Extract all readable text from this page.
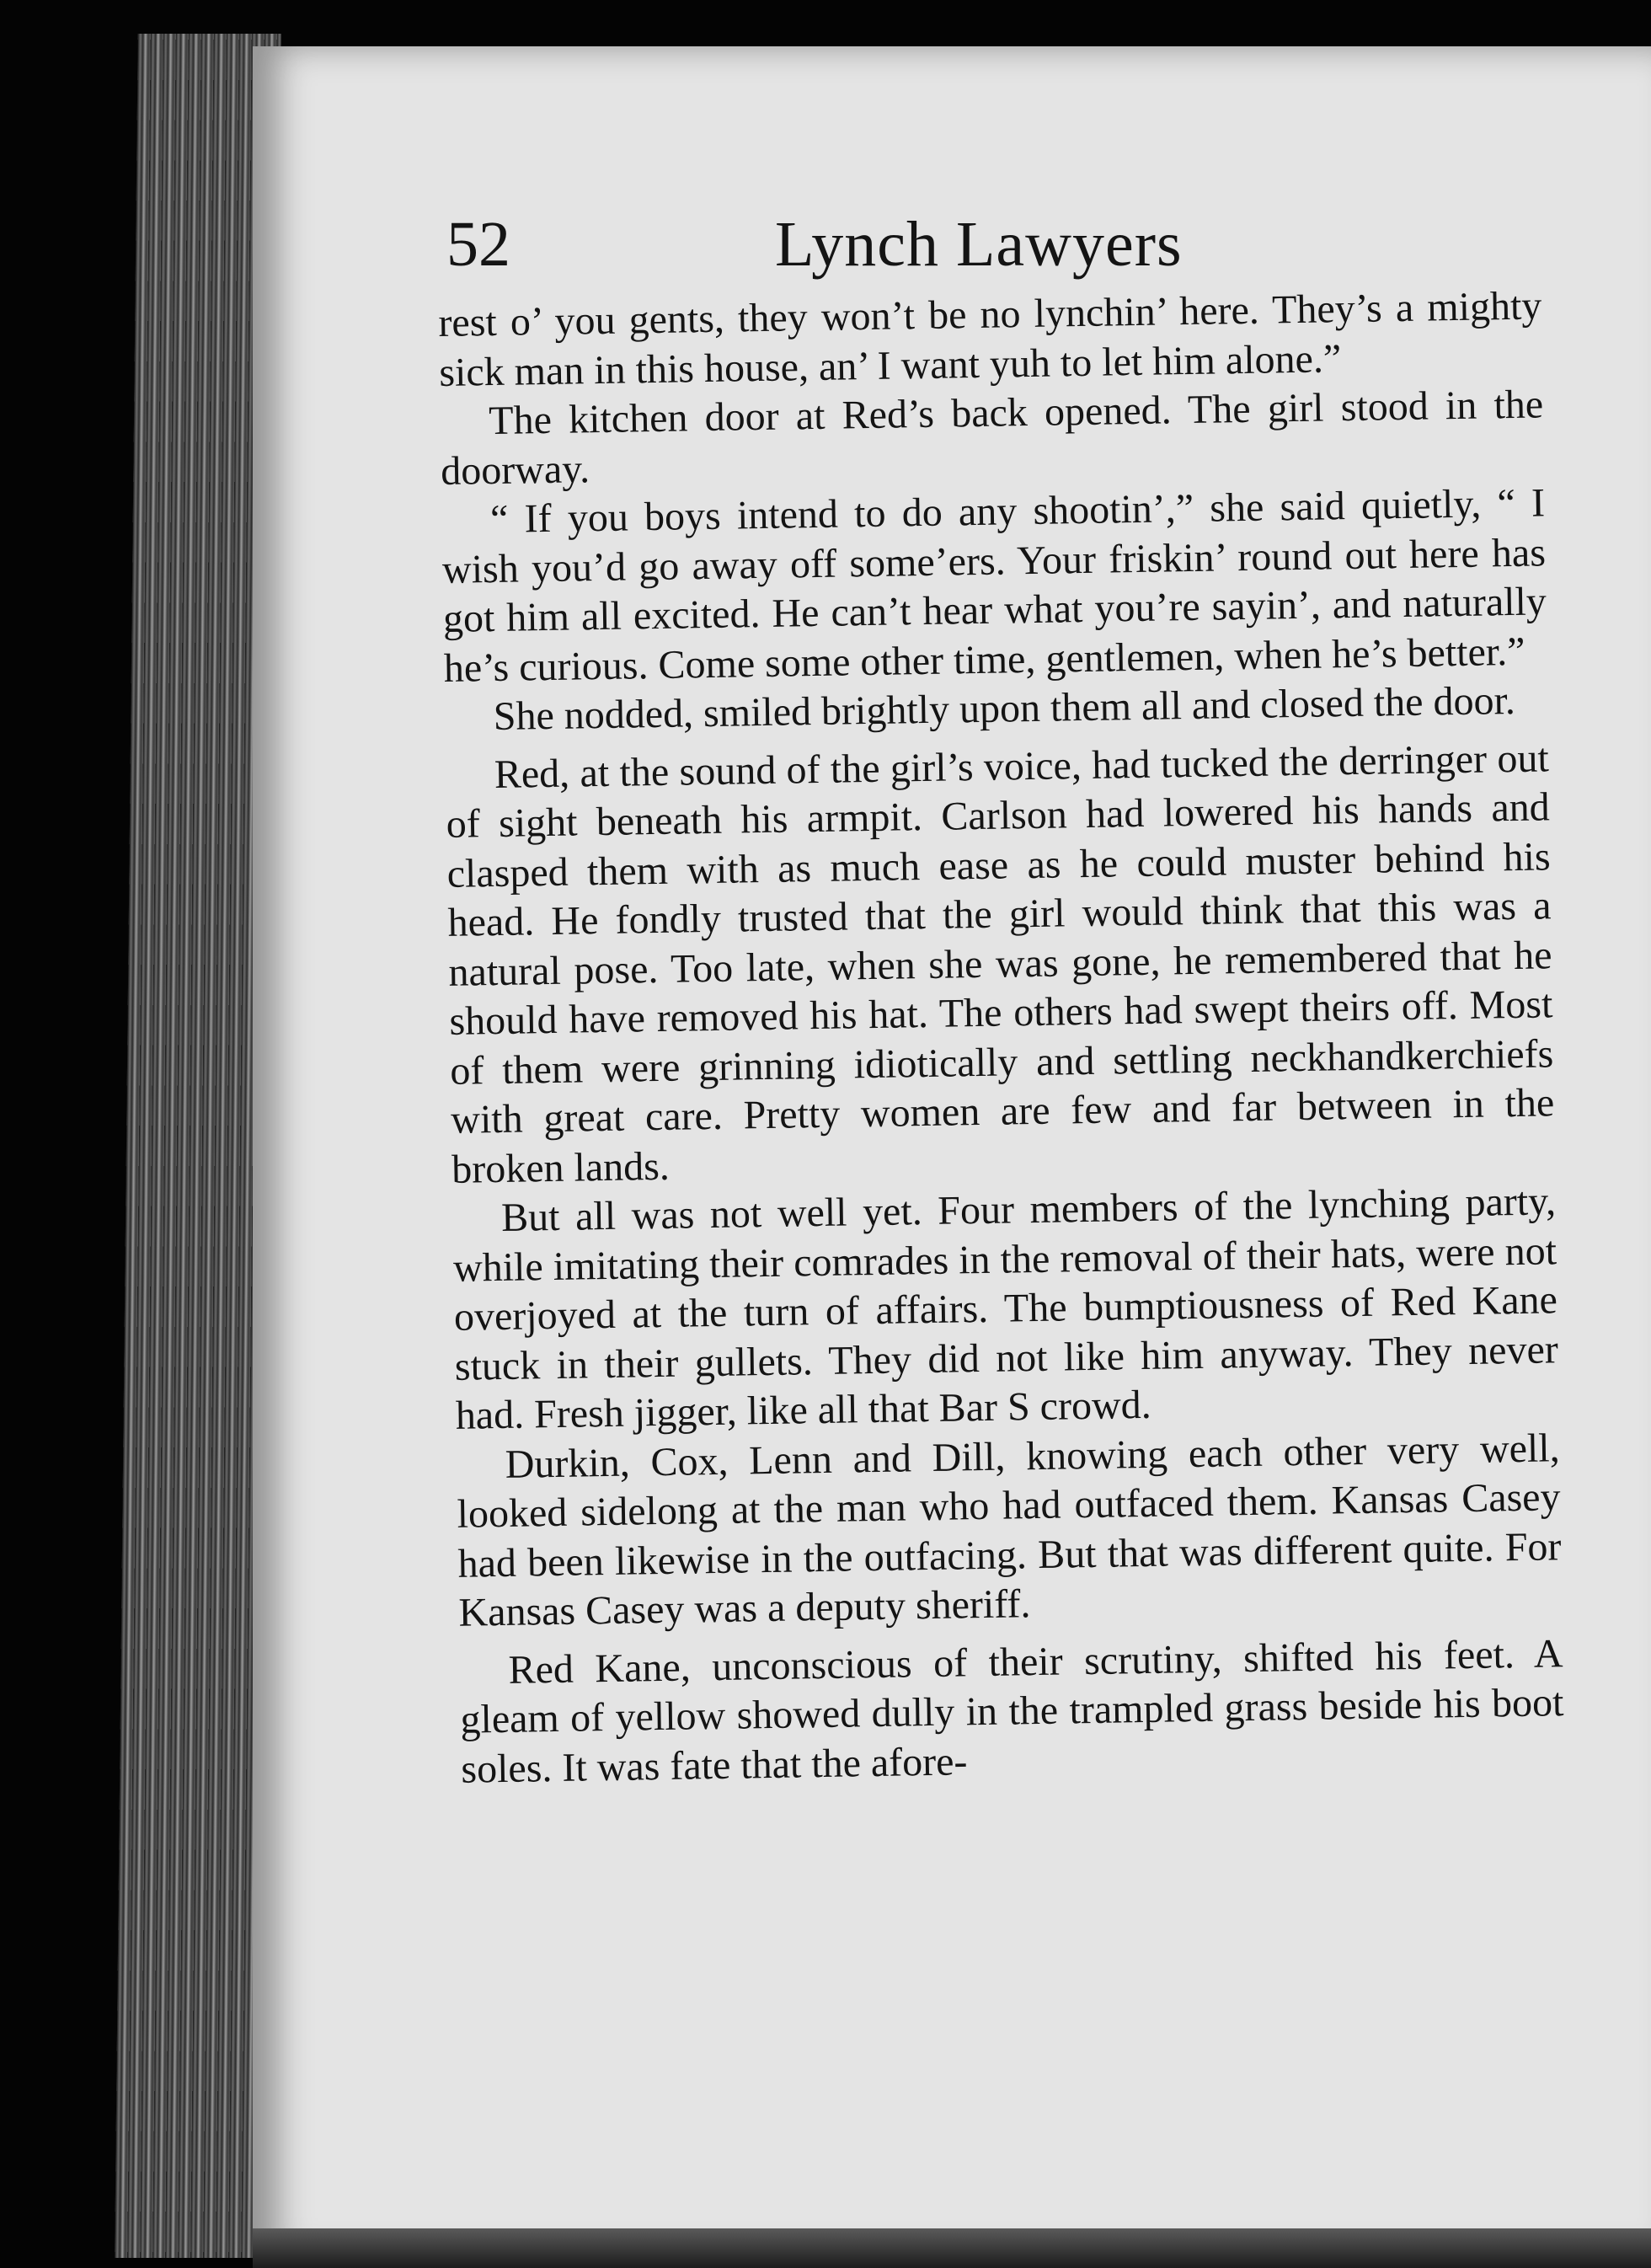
52	Lynch Lawyers

rest o’ you gents, they won’t be no lynchin’ here. They’s a mighty sick man in this house, an’ I want yuh to let him alone.”

The kitchen door at Red’s back opened. The girl stood in the doorway.

“ If you boys intend to do any shootin’,” she said quietly, “ I wish you’d go away off some’ers. Your friskin’ round out here has got him all excited. He can’t hear what you’re sayin’, and naturally he’s curious. Come some other time, gentlemen, when he’s better.”

She nodded, smiled brightly upon them all and closed the door.

Red, at the sound of the girl’s voice, had tucked the derringer out of sight beneath his armpit. Carlson had lowered his hands and clasped them with as much ease as he could muster behind his head. He fondly trusted that the girl would think that this was a natural pose. Too late, when she was gone, he remembered that he should have removed his hat. The others had swept theirs off. Most of them were grinning idiotically and settling neckhandkerchiefs with great care. Pretty women are few and far between in the broken lands.

But all was not well yet. Four members of the lynching party, while imitating their comrades in the removal of their hats, were not overjoyed at the turn of affairs. The bumptiousness of Red Kane stuck in their gullets. They did not like him anyway. They never had. Fresh jigger, like all that Bar S crowd.

Durkin, Cox, Lenn and Dill, knowing each other very well, looked sidelong at the man who had outfaced them. Kansas Casey had been likewise in the outfacing. But that was different quite. For Kansas Casey was a deputy sheriff.

Red Kane, unconscious of their scrutiny, shifted his feet. A gleam of yellow showed dully in the trampled grass beside his boot soles. It was fate that the afore-
